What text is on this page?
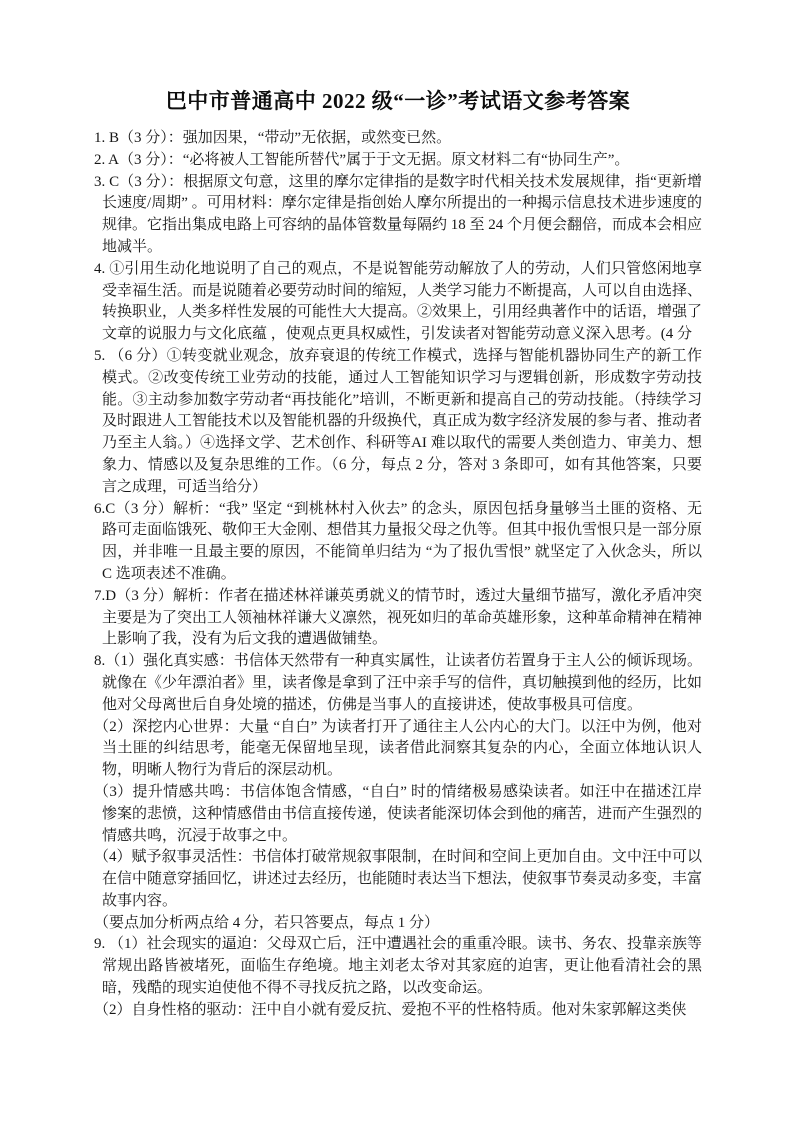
巴中市普通高中 2022 级“一诊”考试语文参考答案

1. B（3 分）：强加因果，“带动”无依据，或然变已然。

2. A（3 分）：“必将被人工智能所替代”属于于文无据。原文材料二有“协同生产”。

3. C（3 分）：根据原文句意，这里的摩尔定律指的是数字时代相关技术发展规律，指“更新增长速度/周期” 。可用材料：摩尔定律是指创始人摩尔所提出的一种揭示信息技术进步速度的规律。它指出集成电路上可容纳的晶体管数量每隔约 18 至 24 个月便会翻倍，而成本会相应地减半。

4. ①引用生动化地说明了自己的观点，不是说智能劳动解放了人的劳动，人们只管悠闲地享受幸福生活。而是说随着必要劳动时间的缩短，人类学习能力不断提高，人可以自由选择、转换职业，人类多样性发展的可能性大大提高。②效果上，引用经典著作中的话语，增强了文章的说服力与文化底蕴 ，使观点更具权威性，引发读者对智能劳动意义深入思考。(4 分

5. （6 分）①转变就业观念，放弃衰退的传统工作模式，选择与智能机器协同生产的新工作模式。②改变传统工业劳动的技能，通过人工智能知识学习与逻辑创新，形成数字劳动技能。③主动参加数字劳动者“再技能化”培训，不断更新和提高自己的劳动技能。（持续学习及时跟进人工智能技术以及智能机器的升级换代，真正成为数字经济发展的参与者、推动者乃至主人翁。）④选择文学、艺术创作、科研等AI 难以取代的需要人类创造力、审美力、想象力、情感以及复杂思维的工作。（6 分，每点 2 分，答对 3 条即可，如有其他答案，只要言之成理，可适当给分）

6.C（3 分）解析：“我” 坚定 “到桃林村入伙去” 的念头，原因包括身量够当土匪的资格、无路可走面临饿死、敬仰王大金刚、想借其力量报父母之仇等。但其中报仇雪恨只是一部分原因，并非唯一且最主要的原因，不能简单归结为 “为了报仇雪恨” 就坚定了入伙念头，所以 C 选项表述不准确。

7.D（3 分）解析：作者在描述林祥谦英勇就义的情节时，透过大量细节描写，激化矛盾冲突主要是为了突出工人领袖林祥谦大义凛然，视死如归的革命英雄形象，这种革命精神在精神上影响了我，没有为后文我的遭遇做铺垫。

8.（1）强化真实感：书信体天然带有一种真实属性，让读者仿若置身于主人公的倾诉现场。就像在《少年漂泊者》里，读者像是拿到了汪中亲手写的信件，真切触摸到他的经历，比如他对父母离世后自身处境的描述，仿佛是当事人的直接讲述，使故事极具可信度。

（2）深挖内心世界：大量 “自白” 为读者打开了通往主人公内心的大门。以汪中为例，他对当土匪的纠结思考，能毫无保留地呈现，读者借此洞察其复杂的内心，全面立体地认识人物，明晰人物行为背后的深层动机。

（3）提升情感共鸣：书信体饱含情感，“自白” 时的情绪极易感染读者。如汪中在描述江岸惨案的悲愤，这种情感借由书信直接传递，使读者能深切体会到他的痛苦，进而产生强烈的情感共鸣，沉浸于故事之中。

（4）赋予叙事灵活性：书信体打破常规叙事限制，在时间和空间上更加自由。文中汪中可以在信中随意穿插回忆，讲述过去经历，也能随时表达当下想法，使叙事节奏灵动多变，丰富故事内容。

（要点加分析两点给 4 分，若只答要点，每点 1 分）

9. （1）社会现实的逼迫：父母双亡后，汪中遭遇社会的重重冷眼。读书、务农、投靠亲族等常规出路皆被堵死，面临生存绝境。地主刘老太爷对其家庭的迫害，更让他看清社会的黑暗，残酷的现实迫使他不得不寻找反抗之路，以改变命运。

（2）自身性格的驱动：汪中自小就有爱反抗、爱抱不平的性格特质。他对朱家郭解这类侠
